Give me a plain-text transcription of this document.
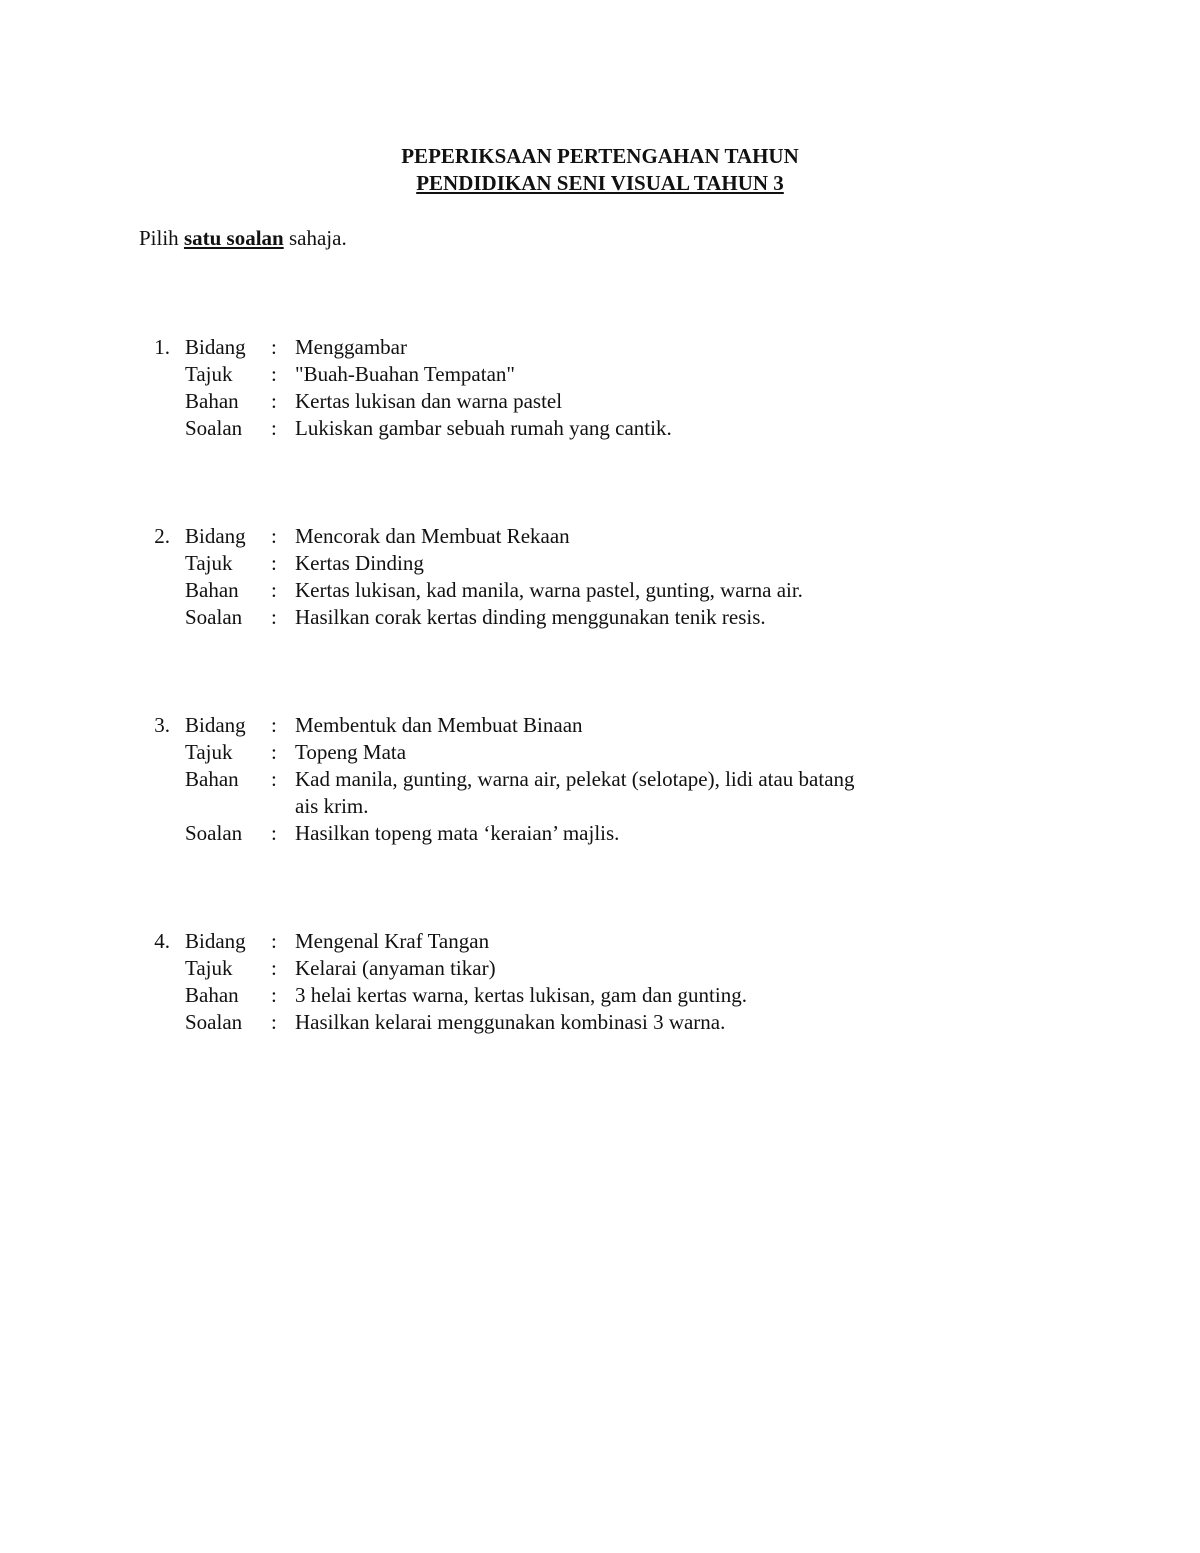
PEPERIKSAAN PERTENGAHAN TAHUN
PENDIDIKAN SENI VISUAL TAHUN 3
Pilih satu soalan sahaja.
1. Bidang : Menggambar
Tajuk : "Buah-Buahan Tempatan"
Bahan : Kertas lukisan dan warna pastel
Soalan : Lukiskan gambar sebuah rumah yang cantik.
2. Bidang : Mencorak dan Membuat Rekaan
Tajuk : Kertas Dinding
Bahan : Kertas lukisan, kad manila, warna pastel, gunting, warna air.
Soalan : Hasilkan corak kertas dinding menggunakan tenik resis.
3. Bidang : Membentuk dan Membuat Binaan
Tajuk : Topeng Mata
Bahan : Kad manila, gunting, warna air, pelekat (selotape), lidi atau batang ais krim.
Soalan : Hasilkan topeng mata ‘keraian’ majlis.
4. Bidang : Mengenal Kraf Tangan
Tajuk : Kelarai (anyaman tikar)
Bahan : 3 helai kertas warna, kertas lukisan, gam dan gunting.
Soalan : Hasilkan kelarai menggunakan kombinasi 3 warna.
